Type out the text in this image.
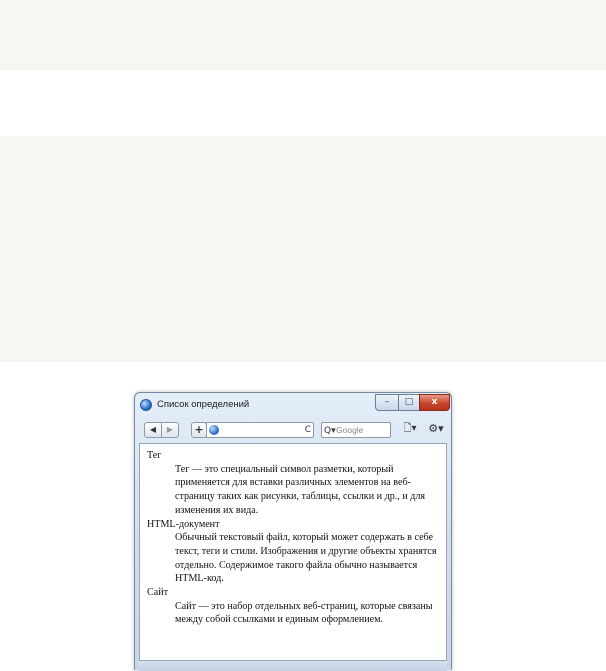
Список определений	–	□	x
◀	▶	+	C Q▾ Google	🗋▾ ⚙▾
Тег
Тег — это специальный символ разметки, который применяется для вставки различных элементов на веб-страницу таких как рисунки, таблицы, ссылки и др., и для изменения их вида.
HTML-документ
Обычный текстовый файл, который может содержать в себе текст, теги и стили. Изображения и другие объекты хранятся отдельно. Содержимое такого файла обычно называется HTML-код.
Сайт
Сайт — это набор отдельных веб-страниц, которые связаны между собой ссылками и единым оформлением.
